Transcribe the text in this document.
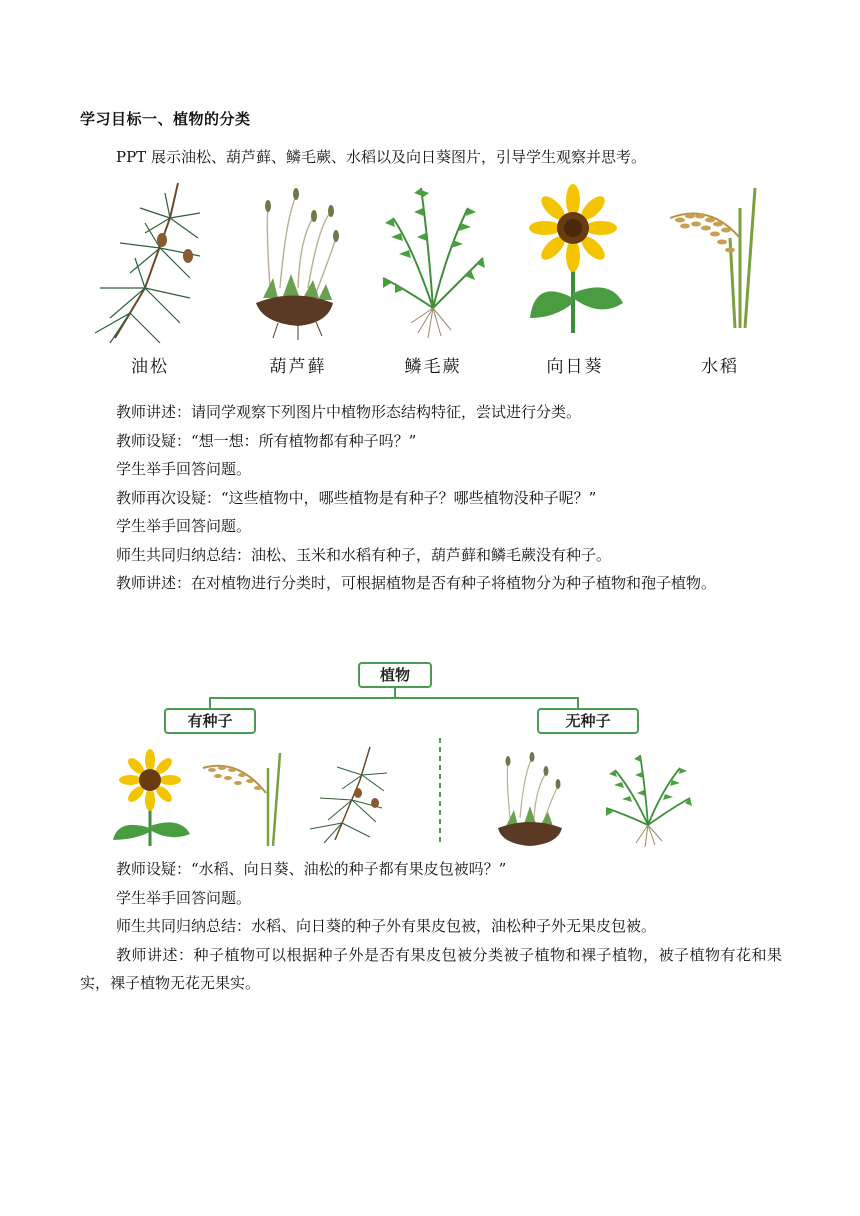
学习目标一、植物的分类

PPT 展示油松、葫芦藓、鳞毛蕨、水稻以及向日葵图片，引导学生观察并思考。

油松	葫芦藓	鳞毛蕨	向日葵	水稻

教师讲述：请同学观察下列图片中植物形态结构特征，尝试进行分类。

教师设疑：“想一想：所有植物都有种子吗？”

学生举手回答问题。

教师再次设疑：“这些植物中，哪些植物是有种子？哪些植物没种子呢？”

学生举手回答问题。

师生共同归纳总结：油松、玉米和水稻有种子，葫芦藓和鳞毛蕨没有种子。

教师讲述：在对植物进行分类时，可根据植物是否有种子将植物分为种子植物和孢子植物。

植物
有种子	无种子

教师设疑：“水稻、向日葵、油松的种子都有果皮包被吗？”

学生举手回答问题。

师生共同归纳总结：水稻、向日葵的种子外有果皮包被，油松种子外无果皮包被。

教师讲述：种子植物可以根据种子外是否有果皮包被分类被子植物和裸子植物，被子植物有花和果实，裸子植物无花无果实。
